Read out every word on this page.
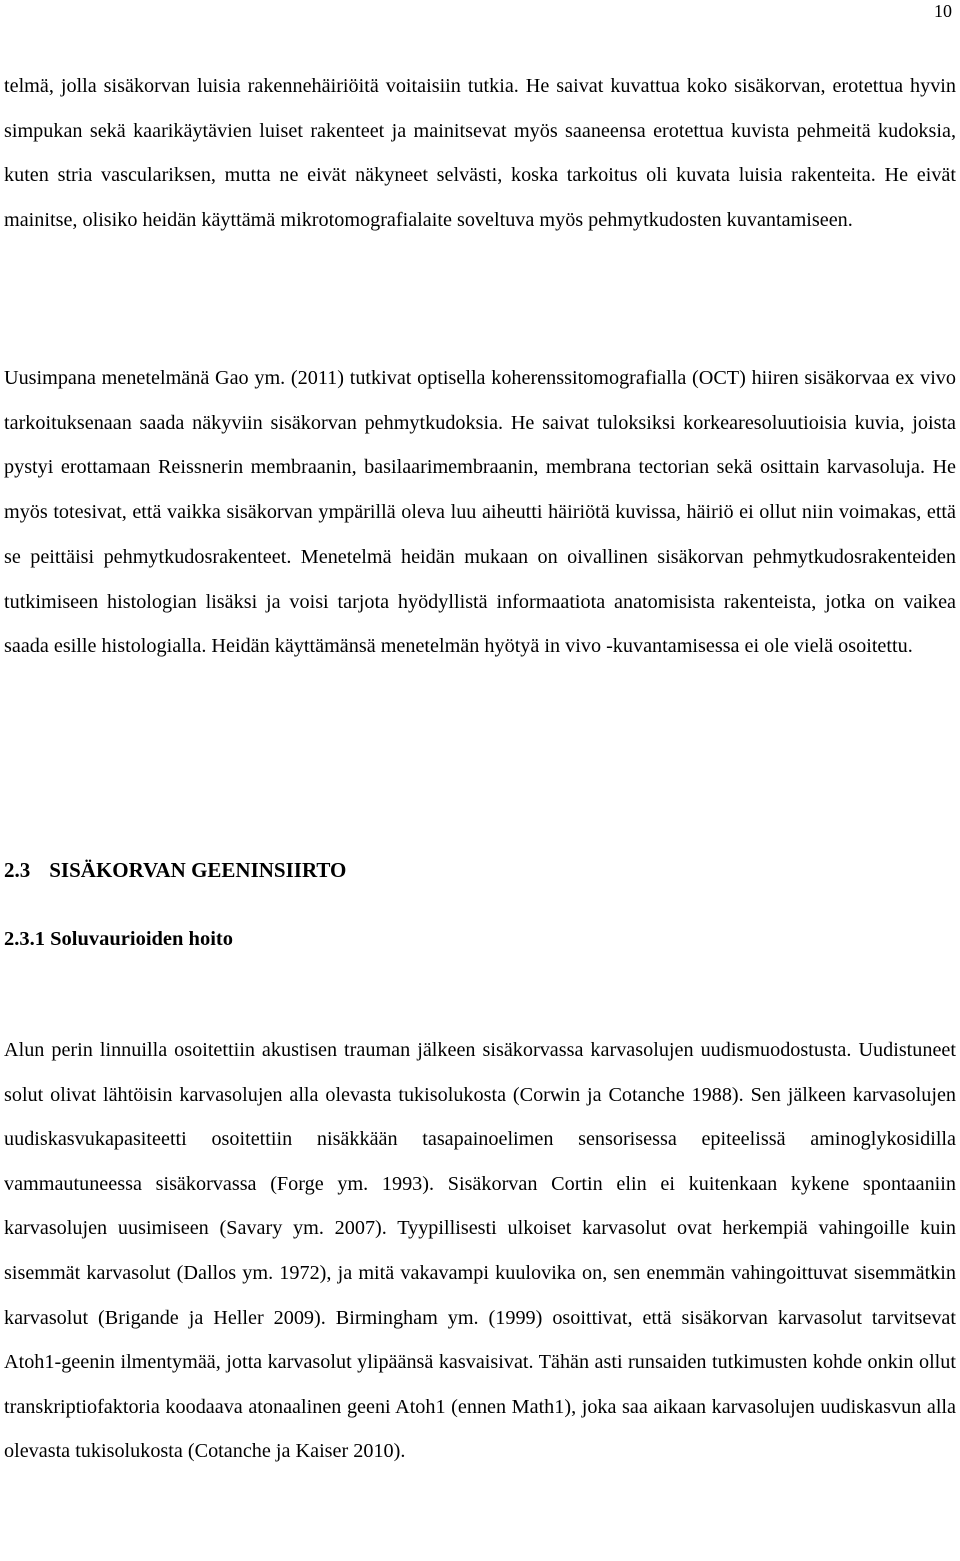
10

telmä, jolla sisäkorvan luisia rakennehäiriöitä voitaisiin tutkia. He saivat kuvattua koko sisäkorvan, erotettua hyvin simpukan sekä kaarikäytävien luiset rakenteet ja mainitsevat myös saaneensa erotettua kuvista pehmeitä kudoksia, kuten stria vasculariksen, mutta ne eivät näkyneet selvästi, koska tarkoitus oli kuvata luisia rakenteita. He eivät mainitse, olisiko heidän käyttämä mikrotomografialaite soveltuva myös pehmytkudosten kuvantamiseen.

Uusimpana menetelmänä Gao ym. (2011) tutkivat optisella koherenssitomografialla (OCT) hiiren sisäkorvaa ex vivo tarkoituksenaan saada näkyviin sisäkorvan pehmytkudoksia. He saivat tuloksiksi korkearesoluutioisia kuvia, joista pystyi erottamaan Reissnerin membraanin, basilaarimembraanin, membrana tectorian sekä osittain karvasoluja. He myös totesivat, että vaikka sisäkorvan ympärillä oleva luu aiheutti häiriötä kuvissa, häiriö ei ollut niin voimakas, että se peittäisi pehmytkudosrakenteet. Menetelmä heidän mukaan on oivallinen sisäkorvan pehmytkudosrakenteiden tutkimiseen histologian lisäksi ja voisi tarjota hyödyllistä informaatiota anatomisista rakenteista, jotka on vaikea saada esille histologialla. Heidän käyttämänsä menetelmän hyötyä in vivo -kuvantamisessa ei ole vielä osoitettu.

2.3 SISÄKORVAN GEENINSIIRTO
2.3.1 Soluvaurioiden hoito

Alun perin linnuilla osoitettiin akustisen trauman jälkeen sisäkorvassa karvasolujen uudismuodostusta. Uudistuneet solut olivat lähtöisin karvasolujen alla olevasta tukisolukosta (Corwin ja Cotanche 1988). Sen jälkeen karvasolujen uudiskasvukapasiteetti osoitettiin nisäkkään tasapainoelimen sensorisessa epiteelissä aminoglykosidilla vammautuneessa sisäkorvassa (Forge ym. 1993). Sisäkorvan Cortin elin ei kuitenkaan kykene spontaaniin karvasolujen uusimiseen (Savary ym. 2007). Tyypillisesti ulkoiset karvasolut ovat herkempiä vahingoille kuin sisemmät karvasolut (Dallos ym. 1972), ja mitä vakavampi kuulovika on, sen enemmän vahingoittuvat sisemmätkin karvasolut (Brigande ja Heller 2009). Birmingham ym. (1999) osoittivat, että sisäkorvan karvasolut tarvitsevat Atoh1-geenin ilmentymää, jotta karvasolut ylipäänsä kasvaisivat. Tähän asti runsaiden tutkimusten kohde onkin ollut transkriptiofaktoria koodaava atonaalinen geeni Atoh1 (ennen Math1), joka saa aikaan karvasolujen uudiskasvun alla olevasta tukisolukosta (Cotanche ja Kaiser 2010).
